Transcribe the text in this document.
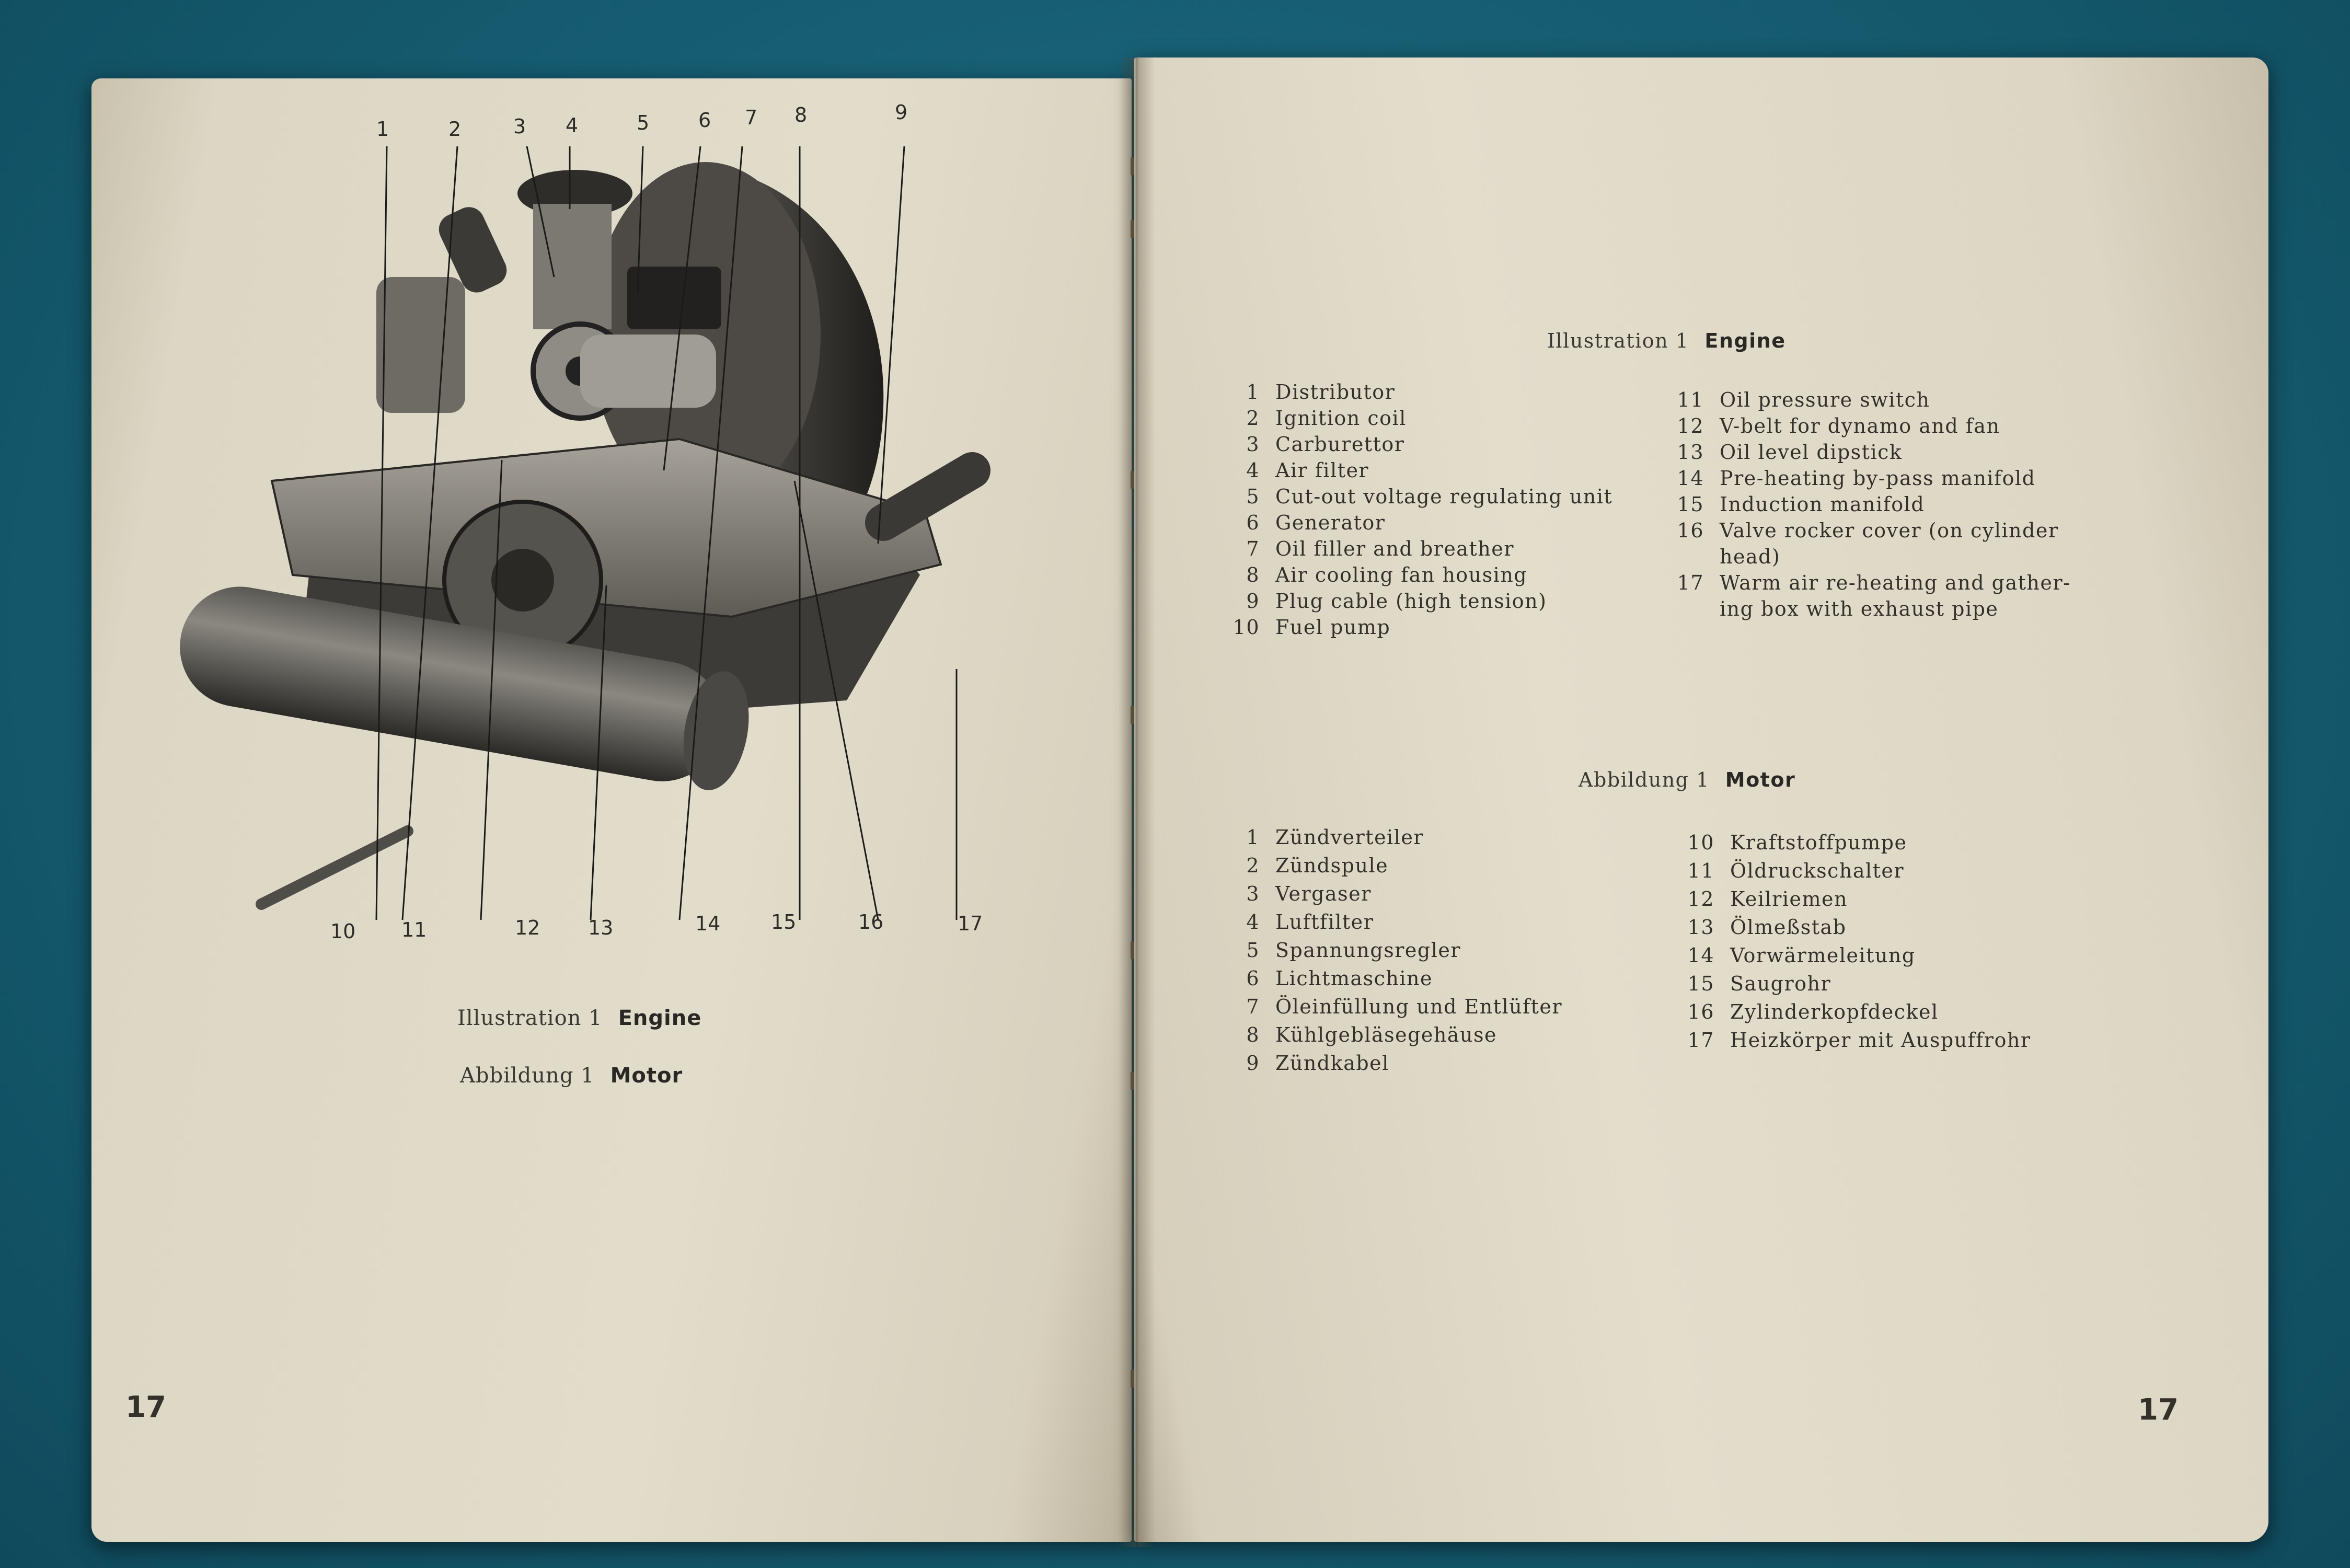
1	2	3 4	5 6 7 8	9
10 11	12 13	14	15	16	17
Illustration 1 Engine
Abbildung 1 Motor
17	17
Illustration 1 Engine
1 Distributor
2 Ignition coil
3 Carburettor
4 Air filter
5 Cut-out voltage regulating unit
6 Generator
7 Oil filler and breather
8 Air cooling fan housing
9 Plug cable (high tension)
10 Fuel pump
11 Oil pressure switch
12 V-belt for dynamo and fan
13 Oil level dipstick
14 Pre-heating by-pass manifold
15 Induction manifold
16 Valve rocker cover (on cylinder
head)
17 Warm air re-heating and gather-
ing box with exhaust pipe
Abbildung 1 Motor
1 Zündverteiler
2 Zündspule
3 Vergaser
4 Luftfilter
5 Spannungsregler
6 Lichtmaschine
7 Öleinfüllung und Entlüfter
8 Kühlgebläsegehäuse
9 Zündkabel
10 Kraftstoffpumpe
11 Öldruckschalter
12 Keilriemen
13 Ölmeßstab
14 Vorwärmeleitung
15 Saugrohr
16 Zylinderkopfdeckel
17 Heizkörper mit Auspuffrohr
